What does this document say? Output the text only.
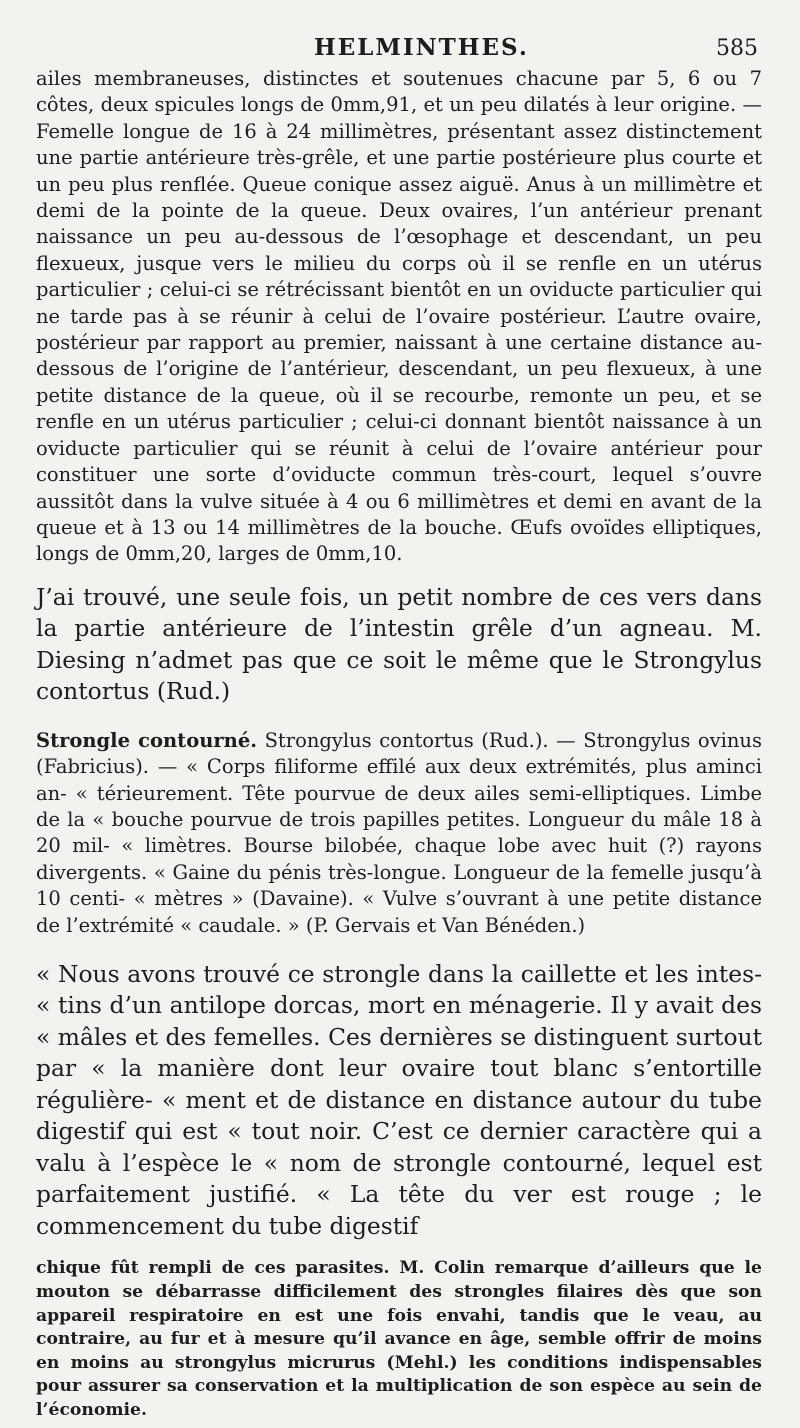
HELMINTHES.	585

ailes membraneuses, distinctes et soutenues chacune par 5, 6 ou 7 côtes, deux spicules longs de 0mm,91, et un peu dilatés à leur origine. — Femelle longue de 16 à 24 millimètres, présentant assez distinctement une partie antérieure très-grêle, et une partie postérieure plus courte et un peu plus renflée. Queue conique assez aiguë. Anus à un millimètre et demi de la pointe de la queue. Deux ovaires, l’un antérieur prenant naissance un peu au-dessous de l’œsophage et descendant, un peu flexueux, jusque vers le milieu du corps où il se renfle en un utérus particulier ; celui-ci se rétrécissant bientôt en un oviducte particulier qui ne tarde pas à se réunir à celui de l’ovaire postérieur. L’autre ovaire, postérieur par rapport au premier, naissant à une certaine distance au-dessous de l’origine de l’antérieur, descendant, un peu flexueux, à une petite distance de la queue, où il se recourbe, remonte un peu, et se renfle en un utérus particulier ; celui-ci donnant bientôt naissance à un oviducte particulier qui se réunit à celui de l’ovaire antérieur pour constituer une sorte d’oviducte commun très-court, lequel s’ouvre aussitôt dans la vulve située à 4 ou 6 millimètres et demi en avant de la queue et à 13 ou 14 millimètres de la bouche. Œufs ovoïdes elliptiques, longs de 0mm,20, larges de 0mm,10.

J’ai trouvé, une seule fois, un petit nombre de ces vers dans la partie antérieure de l’intestin grêle d’un agneau. M. Diesing n’admet pas que ce soit le même que le Strongylus contortus (Rud.)

Strongle contourné. Strongylus contortus (Rud.). — Strongylus ovinus (Fabricius). — « Corps filiforme effilé aux deux extrémités, plus aminci an- « térieurement. Tête pourvue de deux ailes semi-elliptiques. Limbe de la « bouche pourvue de trois papilles petites. Longueur du mâle 18 à 20 mil- « limètres. Bourse bilobée, chaque lobe avec huit (?) rayons divergents. « Gaine du pénis très-longue. Longueur de la femelle jusqu’à 10 centi- « mètres » (Davaine). « Vulve s’ouvrant à une petite distance de l’extrémité « caudale. » (P. Gervais et Van Bénéden.)

« Nous avons trouvé ce strongle dans la caillette et les intes- « tins d’un antilope dorcas, mort en ménagerie. Il y avait des « mâles et des femelles. Ces dernières se distinguent surtout par « la manière dont leur ovaire tout blanc s’entortille régulière- « ment et de distance en distance autour du tube digestif qui est « tout noir. C’est ce dernier caractère qui a valu à l’espèce le « nom de strongle contourné, lequel est parfaitement justifié. « La tête du ver est rouge ; le commencement du tube digestif

chique fût rempli de ces parasites. M. Colin remarque d’ailleurs que le mouton se débarrasse difficilement des strongles filaires dès que son appareil respiratoire en est une fois envahi, tandis que le veau, au contraire, au fur et à mesure qu’il avance en âge, semble offrir de moins en moins au strongylus micrurus (Mehl.) les conditions indispensables pour assurer sa conservation et la multiplication de son espèce au sein de l’économie.
